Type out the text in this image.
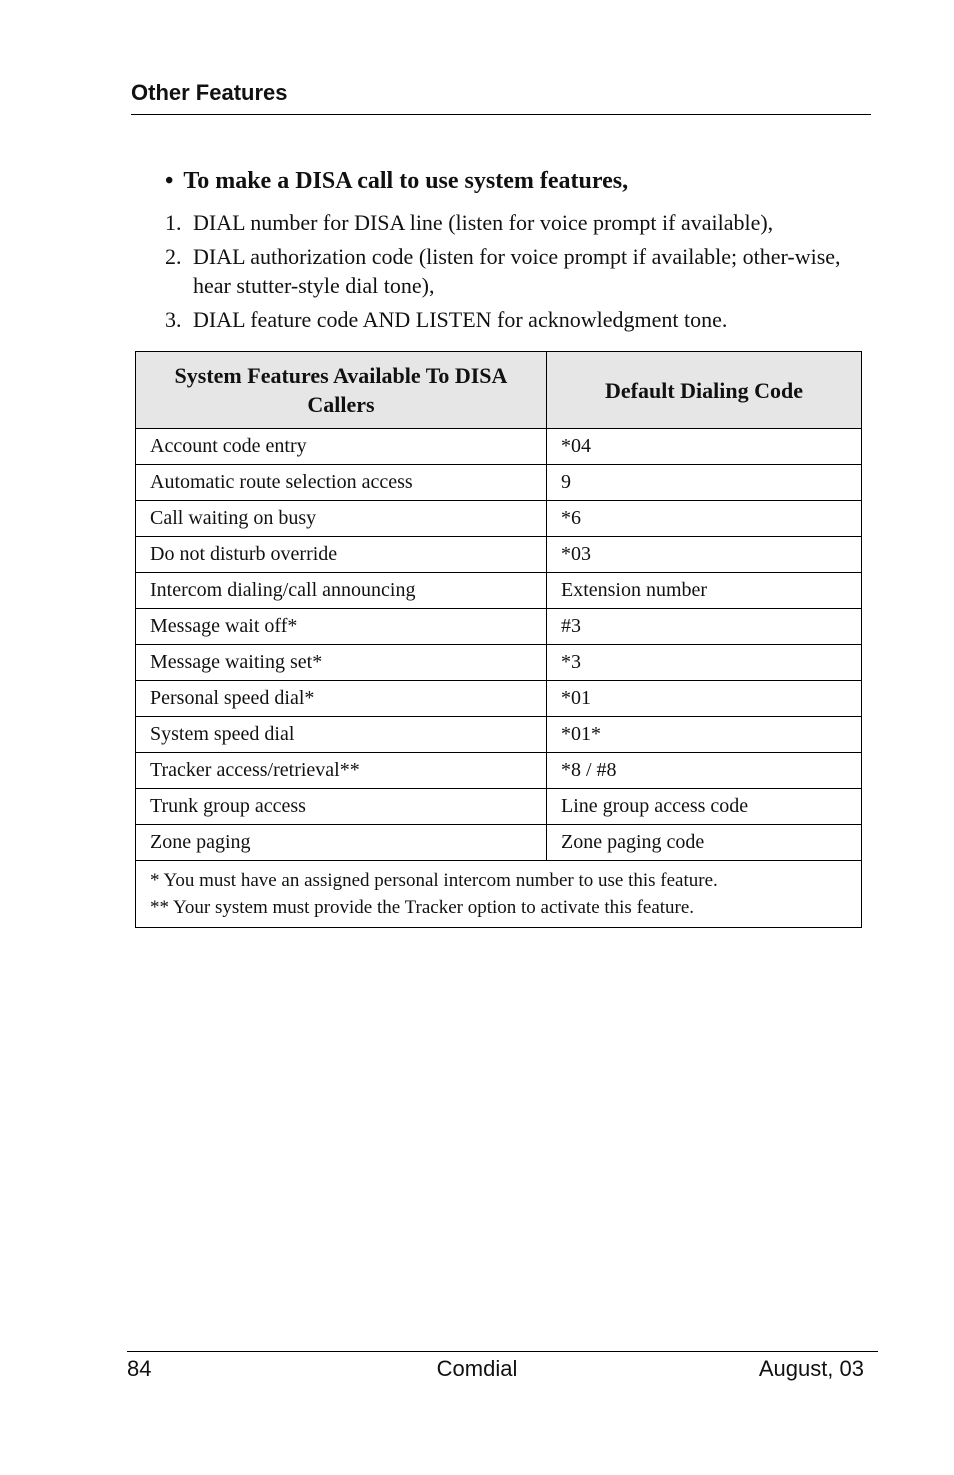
Other Features
• To make a DISA call to use system features,
1. DIAL number for DISA line (listen for voice prompt if available),
2. DIAL authorization code (listen for voice prompt if available; other-wise, hear stutter-style dial tone),
3. DIAL feature code AND LISTEN for acknowledgment tone.
System Features Available To DISA Callers	Default Dialing Code
Account code entry	*04
Automatic route selection access	9
Call waiting on busy	*6
Do not disturb override	*03
Intercom dialing/call announcing	Extension number
Message wait off*	#3
Message waiting set*	*3
Personal speed dial*	*01
System speed dial	*01*
Tracker access/retrieval**	*8 / #8
Trunk group access	Line group access code
Zone paging	Zone paging code

* You must have an assigned personal intercom number to use this feature.
** Your system must provide the Tracker option to activate this feature.	
Comdial
84	August, 03
